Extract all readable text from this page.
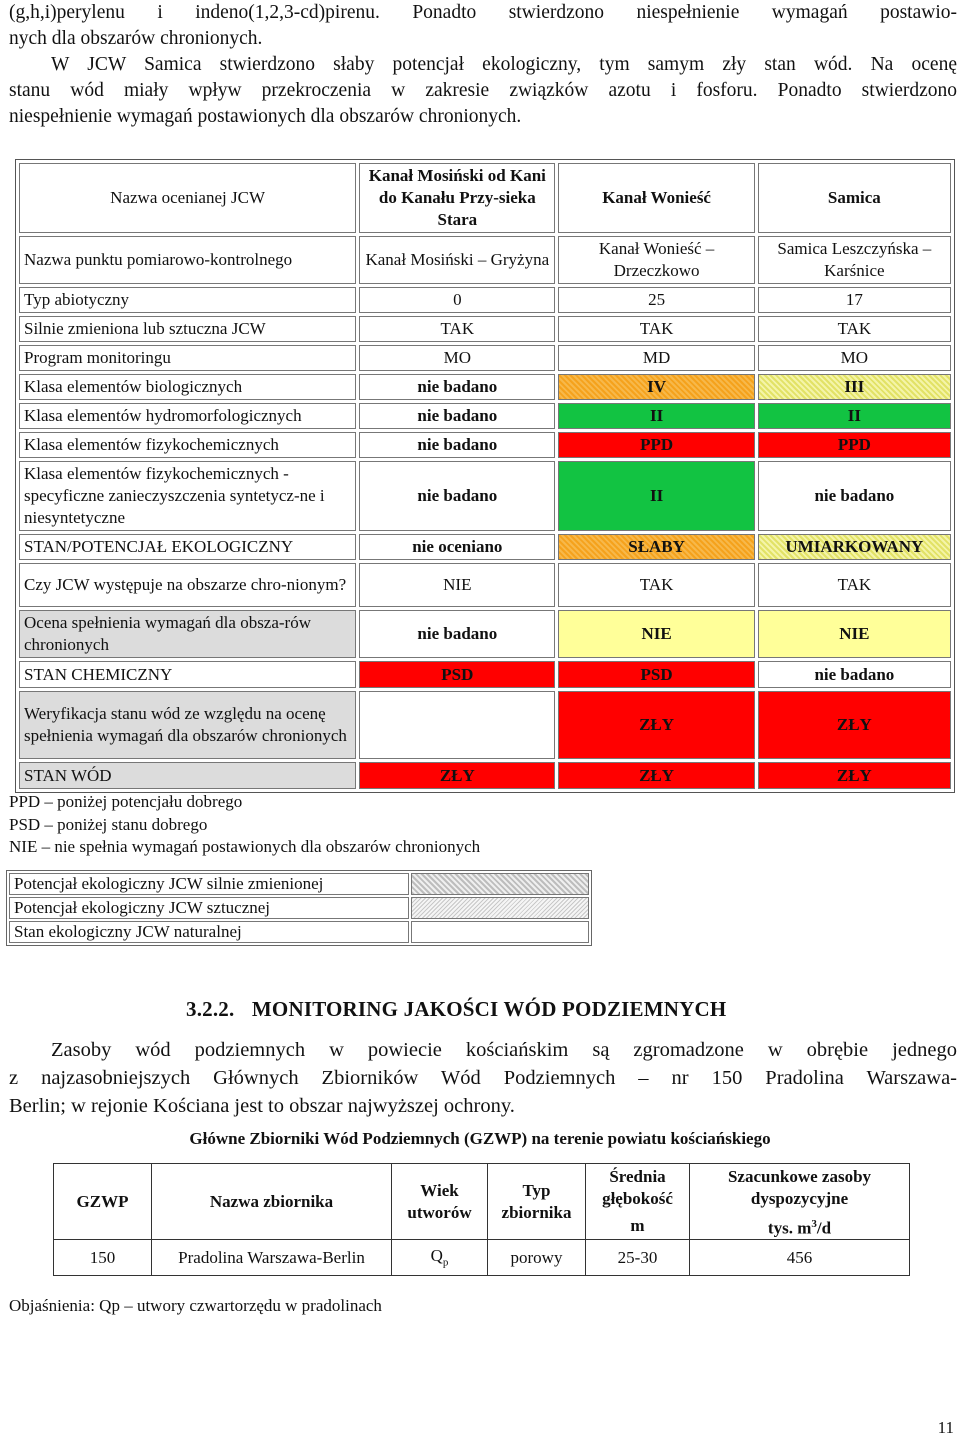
(g,h,i)perylenu i indeno(1,2,3-cd)pirenu. Ponadto stwierdzono niespełnienie wymagań postawio-
nych dla obszarów chronionych.
W JCW Samica stwierdzono słaby potencjał ekologiczny, tym samym zły stan wód. Na ocenę
stanu wód miały wpływ przekroczenia w zakresie związków azotu i fosforu. Ponadto stwierdzono
niespełnienie wymagań postawionych dla obszarów chronionych.
Nazwa ocenianej JCW	Kanał Mosiński od Kani do Kanału Przy-sieka Stara	Kanał Wonieść	Samica
Nazwa punktu pomiarowo-kontrolnego	Kanał Mosiński – Gryżyna	Kanał Wonieść – Drzeczkowo	Samica Leszczyńska – Karśnice
Typ abiotyczny	0	25	17
Silnie zmieniona lub sztuczna JCW	TAK	TAK	TAK
Program monitoringu	MO	MD	MO
Klasa elementów biologicznych	nie badano	IV	III
Klasa elementów hydromorfologicznych	nie badano	II	II
Klasa elementów fizykochemicznych	nie badano	PPD	PPD
Klasa elementów fizykochemicznych - specyficzne zanieczyszczenia syntetycz-ne i niesyntetyczne	nie badano	II	nie badano
STAN/POTENCJAŁ EKOLOGICZNY	nie oceniano	SŁABY	UMIARKOWANY
Czy JCW występuje na obszarze chro-nionym?	NIE	TAK	TAK
Ocena spełnienia wymagań dla obsza-rów chronionych	nie badano	NIE	NIE
STAN CHEMICZNY	PSD	PSD	nie badano
Weryfikacja stanu wód ze względu na ocenę spełnienia wymagań dla obszarów chronionych		ZŁY	ZŁY
STAN WÓD	ZŁY	ZŁY	ZŁY
PPD – poniżej potencjału dobrego
PSD – poniżej stanu dobrego
NIE – nie spełnia wymagań postawionych dla obszarów chronionych
Potencjał ekologiczny JCW silnie zmienionej	
Potencjał ekologiczny JCW sztucznej	
Stan ekologiczny JCW naturalnej	
3.2.2. MONITORING JAKOŚCI WÓD PODZIEMNYCH
Zasoby wód podziemnych w powiecie kościańskim są zgromadzone w obrębie jednego
z najzasobniejszych Głównych Zbiorników Wód Podziemnych – nr 150 Pradolina Warszawa-
Berlin; w rejonie Kościana jest to obszar najwyższej ochrony.
Główne Zbiorniki Wód Podziemnych (GZWP) na terenie powiatu kościańskiego
GZWP	Nazwa zbiornika	Wiek utworów	Typ zbiornika	Średnia głębokość	Szacunkowe zasoby dyspozycyjne
				m	tys. $m^3/d$
150	Pradolina Warszawa-Berlin	$Q_p$	porowy	25-30	456
Objaśnienia: Qp – utwory czwartorzędu w pradolinach
11
